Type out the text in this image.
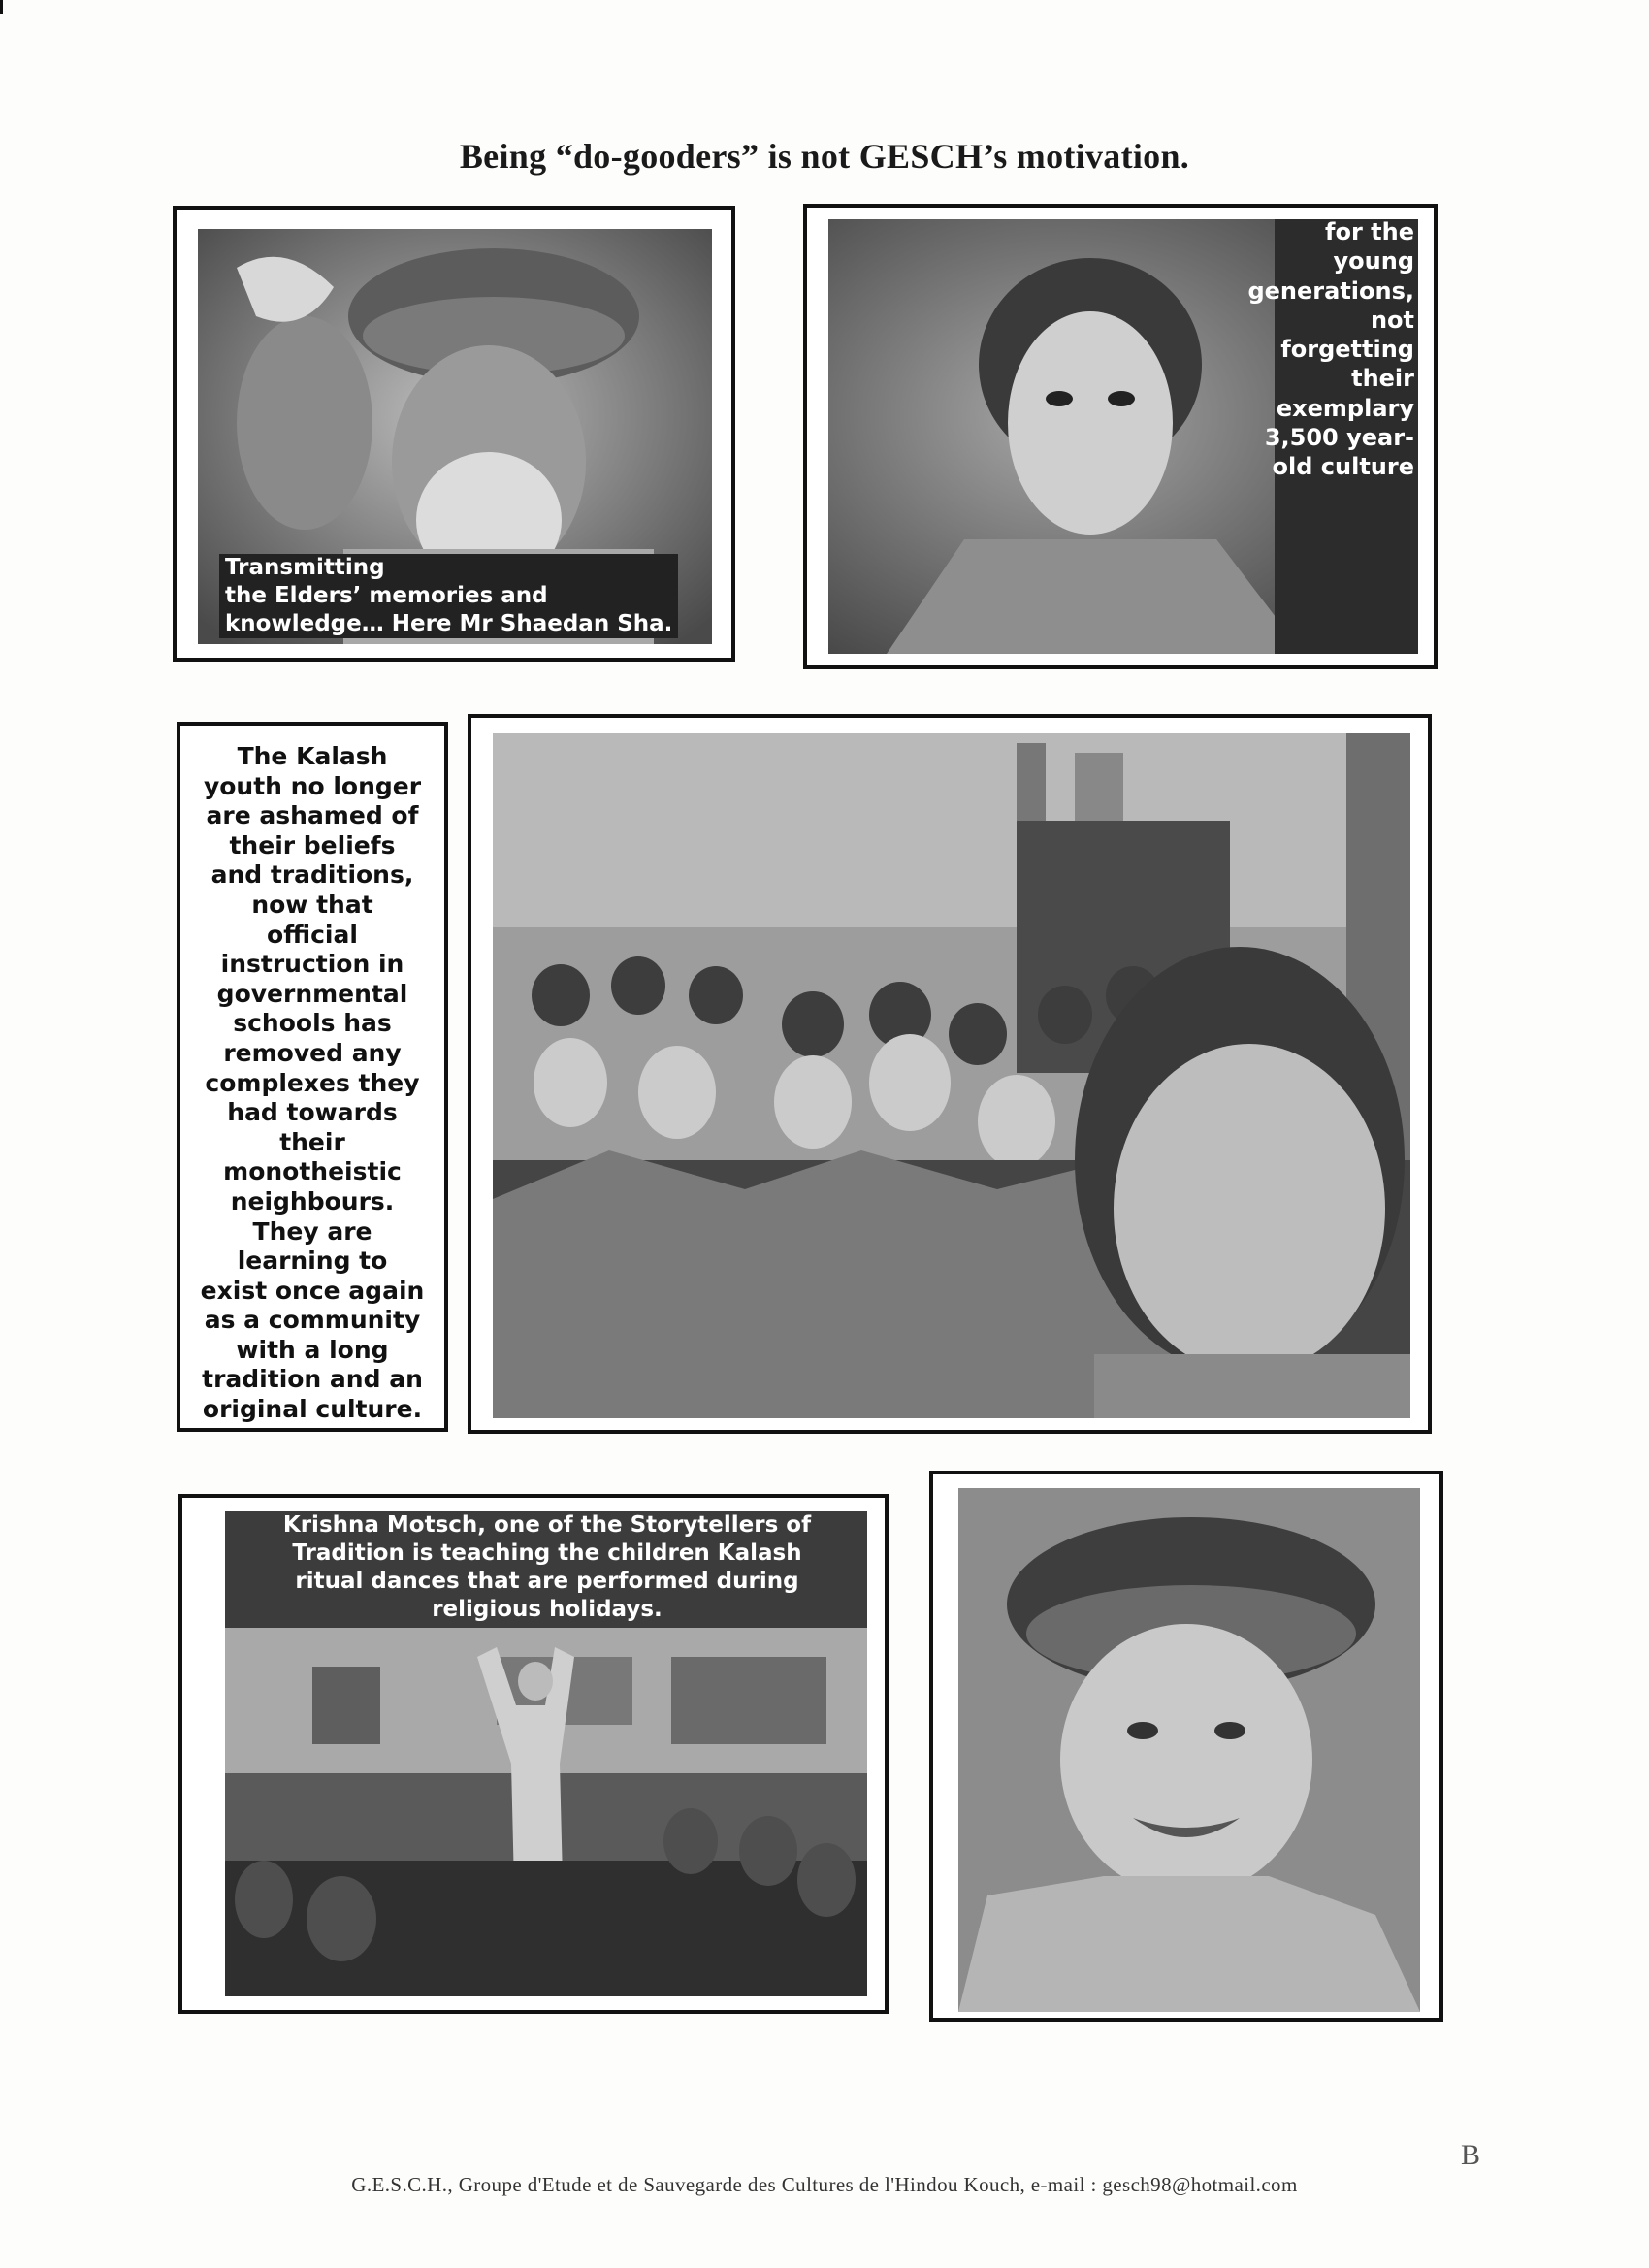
Being “do-gooders” is not GESCH’s motivation.
Transmitting
the Elders’ memories and
knowledge… Here Mr Shaedan Sha.
for the
young
generations,
not
forgetting
their
exemplary
3,500 year-
old culture
The Kalash
youth no longer
are ashamed of
their beliefs
and traditions,
now that
official
instruction in
governmental
schools has
removed any
complexes they
had towards
their
monotheistic
neighbours.
They are
learning to
exist once again
as a community
with a long
tradition and an
original culture.
Krishna Motsch, one of the Storytellers of
Tradition is teaching the children Kalash
ritual dances that are performed during
religious holidays.
B
G.E.S.C.H., Groupe d'Etude et de Sauvegarde des Cultures de l'Hindou Kouch, e-mail : gesch98@hotmail.com
